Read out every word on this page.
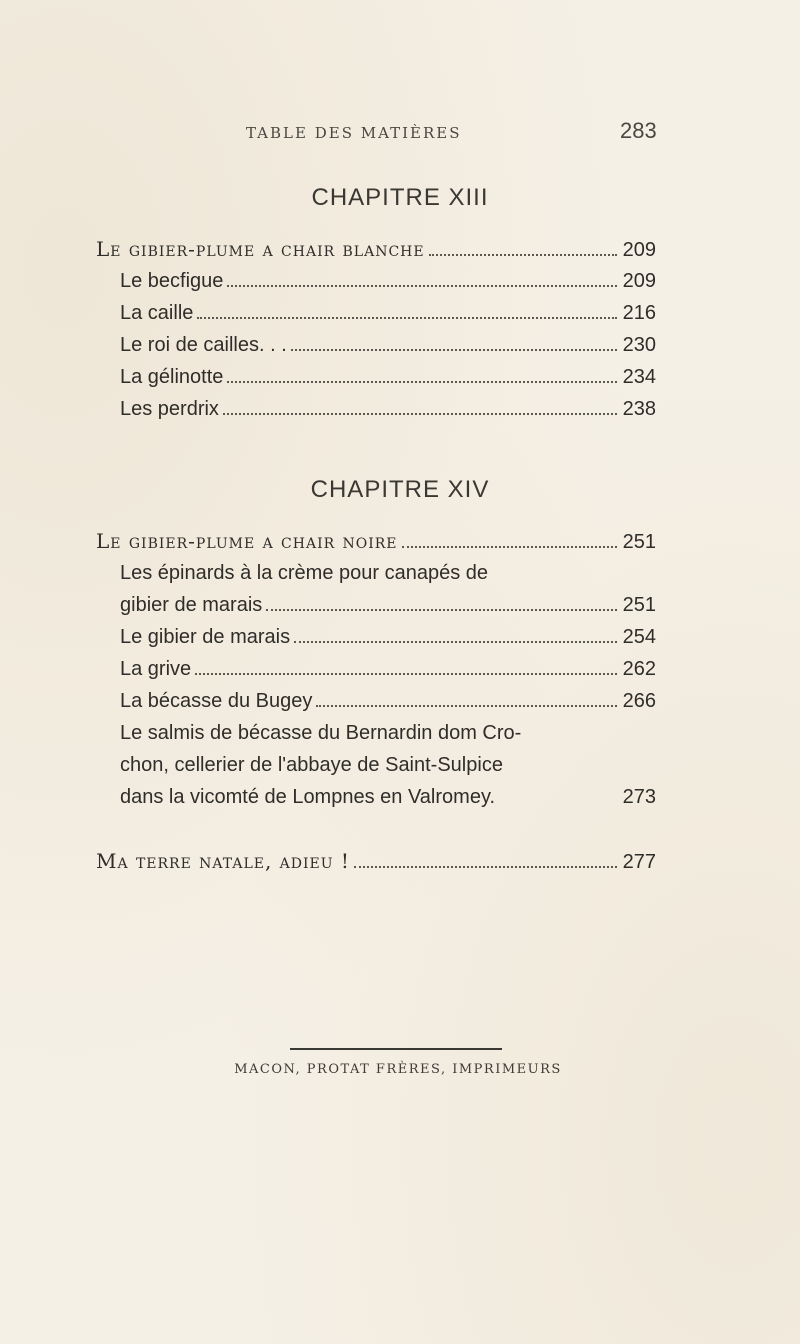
TABLE DES MATIÈRES	283
CHAPITRE XIII
Le gibier-plume a chair blanche	209
Le becfigue	209
La caille	216
Le roi de cailles. . .	230
La gélinotte	234
Les perdrix	238
CHAPITRE XIV
Le gibier-plume a chair noire	251
Les épinards à la crème pour canapés de
gibier de marais	251
Le gibier de marais	254
La grive	262
La bécasse du Bugey	266
Le salmis de bécasse du Bernardin dom Cro-
chon, cellerier de l'abbaye de Saint-Sulpice
dans la vicomté de Lompnes en Valromey.	273
Ma terre natale, adieu !	277
MACON, PROTAT FRÈRES, IMPRIMEURS
